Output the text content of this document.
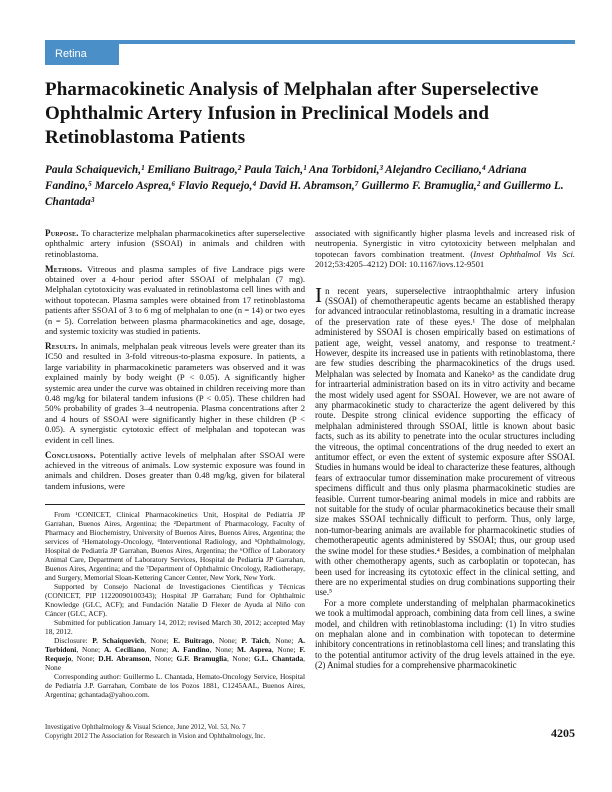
Retina
Pharmacokinetic Analysis of Melphalan after Superselective Ophthalmic Artery Infusion in Preclinical Models and Retinoblastoma Patients
Paula Schaiquevich,¹ Emiliano Buitrago,² Paula Taich,¹ Ana Torbidoni,³ Alejandro Ceciliano,⁴ Adriana Fandino,⁵ Marcelo Asprea,⁶ Flavio Requejo,⁴ David H. Abramson,⁷ Guillermo F. Bramuglia,² and Guillermo L. Chantada³

Purpose. To characterize melphalan pharmacokinetics after superselective ophthalmic artery infusion (SSOAI) in animals and children with retinoblastoma.

Methods. Vitreous and plasma samples of five Landrace pigs were obtained over a 4-hour period after SSOAI of melphalan (7 mg). Melphalan cytotoxicity was evaluated in retinoblastoma cell lines with and without topotecan. Plasma samples were obtained from 17 retinoblastoma patients after SSOAI of 3 to 6 mg of melphalan to one (n = 14) or two eyes (n = 5). Correlation between plasma pharmacokinetics and age, dosage, and systemic toxicity was studied in patients.

Results. In animals, melphalan peak vitreous levels were greater than its IC50 and resulted in 3-fold vitreous-to-plasma exposure. In patients, a large variability in pharmacokinetic parameters was observed and it was explained mainly by body weight (P < 0.05). A significantly higher systemic area under the curve was obtained in children receiving more than 0.48 mg/kg for bilateral tandem infusions (P < 0.05). These children had 50% probability of grades 3–4 neutropenia. Plasma concentrations after 2 and 4 hours of SSOAI were significantly higher in these children (P < 0.05). A synergistic cytotoxic effect of melphalan and topotecan was evident in cell lines.

Conclusions. Potentially active levels of melphalan after SSOAI were achieved in the vitreous of animals. Low systemic exposure was found in animals and children. Doses greater than 0.48 mg/kg, given for bilateral tandem infusions, were

From ¹CONICET, Clinical Pharmacokinetics Unit, Hospital de Pediatría JP Garrahan, Buenos Aires, Argentina; the ²Department of Pharmacology, Faculty of Pharmacy and Biochemistry, University of Buenos Aires, Buenos Aires, Argentina; the services of ³Hematology-Oncology, ⁴Interventional Radiology, and ⁵Ophthalmology, Hospital de Pediatría JP Garrahan, Buenos Aires, Argentina; the ⁶Office of Laboratory Animal Care, Department of Laboratory Services, Hospital de Pediatría JP Garrahan, Buenos Aires, Argentina; and the ⁷Department of Ophthalmic Oncology, Radiotherapy, and Surgery, Memorial Sloan-Kettering Cancer Center, New York, New York.

Supported by Consejo Nacional de Investigaciones Científicas y Técnicas (CONICET, PIP 11220090100343); Hospital JP Garrahan; Fund for Ophthalmic Knowledge (GLC, ACF); and Fundación Natalie D Flexer de Ayuda al Niño con Cáncer (GLC, ACF).

Submitted for publication January 14, 2012; revised March 30, 2012; accepted May 18, 2012.

Disclosure: P. Schaiquevich, None; E. Buitrago, None; P. Taich, None; A. Torbidoni, None; A. Ceciliano, None; A. Fandino, None; M. Asprea, None; F. Requejo, None; D.H. Abramson, None; G.F. Bramuglia, None; G.L. Chantada, None

Corresponding author: Guillermo L. Chantada, Hemato-Oncology Service, Hospital de Pediatría J.P. Garrahan, Combate de los Pozos 1881, C1245AAL, Buenos Aires, Argentina; gchantada@yahoo.com.

associated with significantly higher plasma levels and increased risk of neutropenia. Synergistic in vitro cytotoxicity between melphalan and topotecan favors combination treatment. (Invest Ophthalmol Vis Sci. 2012;53:4205–4212) DOI: 10.1167/iovs.12-9501

In recent years, superselective intraophthalmic artery infusion (SSOAI) of chemotherapeutic agents became an established therapy for advanced intraocular retinoblastoma, resulting in a dramatic increase of the preservation rate of these eyes.¹ The dose of melphalan administered by SSOAI is chosen empirically based on estimations of patient age, weight, vessel anatomy, and response to treatment.² However, despite its increased use in patients with retinoblastoma, there are few studies describing the pharmacokinetics of the drugs used. Melphalan was selected by Inomata and Kaneko³ as the candidate drug for intraarterial administration based on its in vitro activity and became the most widely used agent for SSOAI. However, we are not aware of any pharmacokinetic study to characterize the agent delivered by this route. Despite strong clinical evidence supporting the efficacy of melphalan administered through SSOAI, little is known about basic facts, such as its ability to penetrate into the ocular structures including the vitreous, the optimal concentrations of the drug needed to exert an antitumor effect, or even the extent of systemic exposure after SSOAI. Studies in humans would be ideal to characterize these features, although fears of extraocular tumor dissemination make procurement of vitreous specimens difficult and thus only plasma pharmacokinetic studies are feasible. Current tumor-bearing animal models in mice and rabbits are not suitable for the study of ocular pharmacokinetics because their small size makes SSOAI technically difficult to perform. Thus, only large, non-tumor-bearing animals are available for pharmacokinetic studies of chemotherapeutic agents administered by SSOAI; thus, our group used the swine model for these studies.⁴ Besides, a combination of melphalan with other chemotherapy agents, such as carboplatin or topotecan, has been used for increasing its cytotoxic effect in the clinical setting, and there are no experimental studies on drug combinations supporting their use.⁵

For a more complete understanding of melphalan pharmacokinetics we took a multimodal approach, combining data from cell lines, a swine model, and children with retinoblastoma including: (1) In vitro studies on mephalan alone and in combination with topotecan to determine inhibitory concentrations in retinoblastoma cell lines; and translating this to the potential antitumor activity of the drug levels attained in the eye. (2) Animal studies for a comprehensive pharmacokinetic

Investigative Ophthalmology & Visual Science, June 2012, Vol. 53, No. 7
Copyright 2012 The Association for Research in Vision and Ophthalmology, Inc.	4205
